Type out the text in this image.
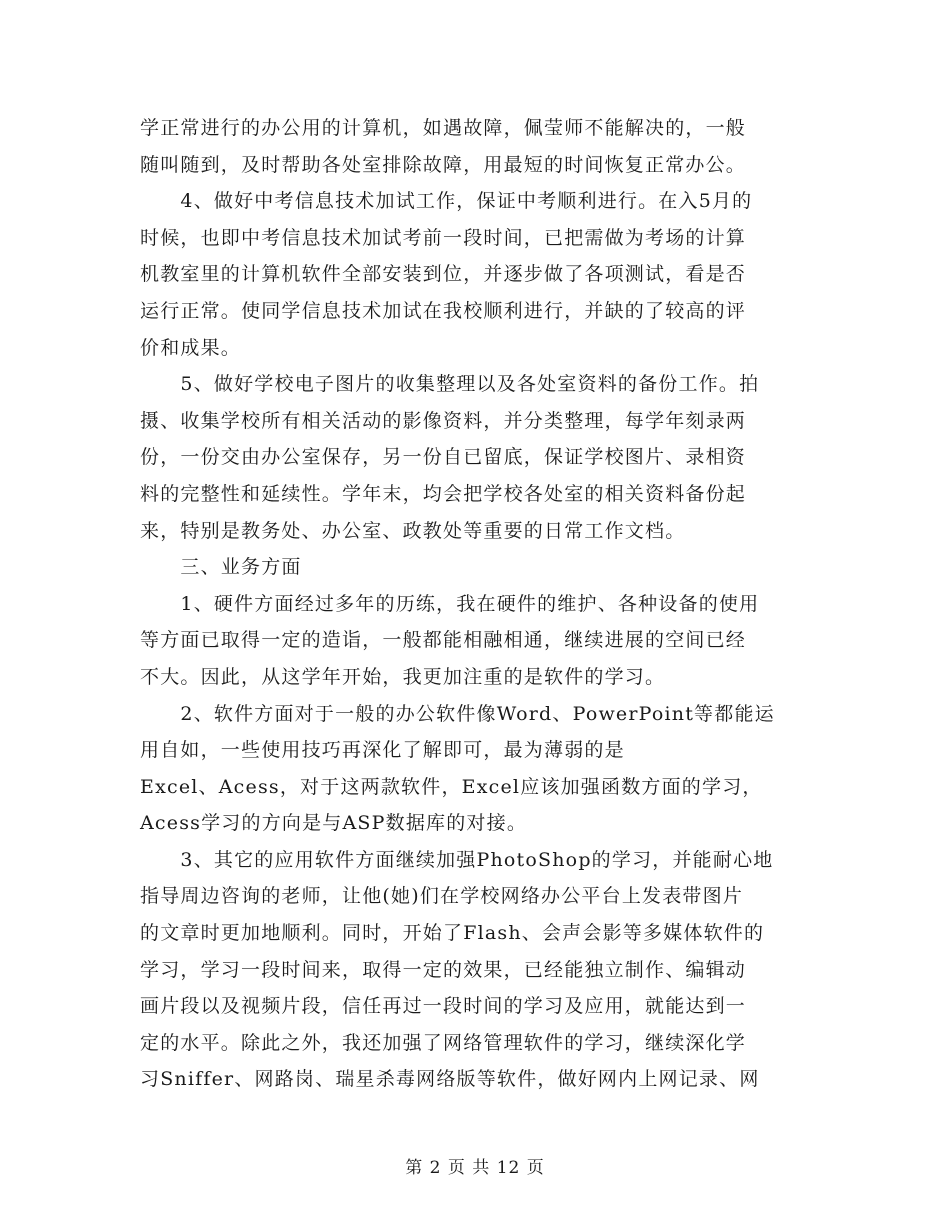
学正常进行的办公用的计算机，如遇故障，佩莹师不能解决的，一般
随叫随到，及时帮助各处室排除故障，用最短的时间恢复正常办公。
　　4、做好中考信息技术加试工作，保证中考顺利进行。在入5月的
时候，也即中考信息技术加试考前一段时间，已把需做为考场的计算
机教室里的计算机软件全部安装到位，并逐步做了各项测试，看是否
运行正常。使同学信息技术加试在我校顺利进行，并缺的了较高的评
价和成果。
　　5、做好学校电子图片的收集整理以及各处室资料的备份工作。拍
摄、收集学校所有相关活动的影像资料，并分类整理，每学年刻录两
份，一份交由办公室保存，另一份自已留底，保证学校图片、录相资
料的完整性和延续性。学年末，均会把学校各处室的相关资料备份起
来，特别是教务处、办公室、政教处等重要的日常工作文档。
　　三、业务方面
　　1、硬件方面经过多年的历练，我在硬件的维护、各种设备的使用
等方面已取得一定的造诣，一般都能相融相通，继续进展的空间已经
不大。因此，从这学年开始，我更加注重的是软件的学习。
　　2、软件方面对于一般的办公软件像Word、PowerPoint等都能运
用自如，一些使用技巧再深化了解即可，最为薄弱的是
Excel、Acess，对于这两款软件，Excel应该加强函数方面的学习，
Acess学习的方向是与ASP数据库的对接。
　　3、其它的应用软件方面继续加强PhotoShop的学习，并能耐心地
指导周边咨询的老师，让他(她)们在学校网络办公平台上发表带图片
的文章时更加地顺利。同时，开始了Flash、会声会影等多媒体软件的
学习，学习一段时间来，取得一定的效果，已经能独立制作、编辑动
画片段以及视频片段，信任再过一段时间的学习及应用，就能达到一
定的水平。除此之外，我还加强了网络管理软件的学习，继续深化学
习Sniffer、网路岗、瑞星杀毒网络版等软件，做好网内上网记录、网
第 2 页 共 12 页
